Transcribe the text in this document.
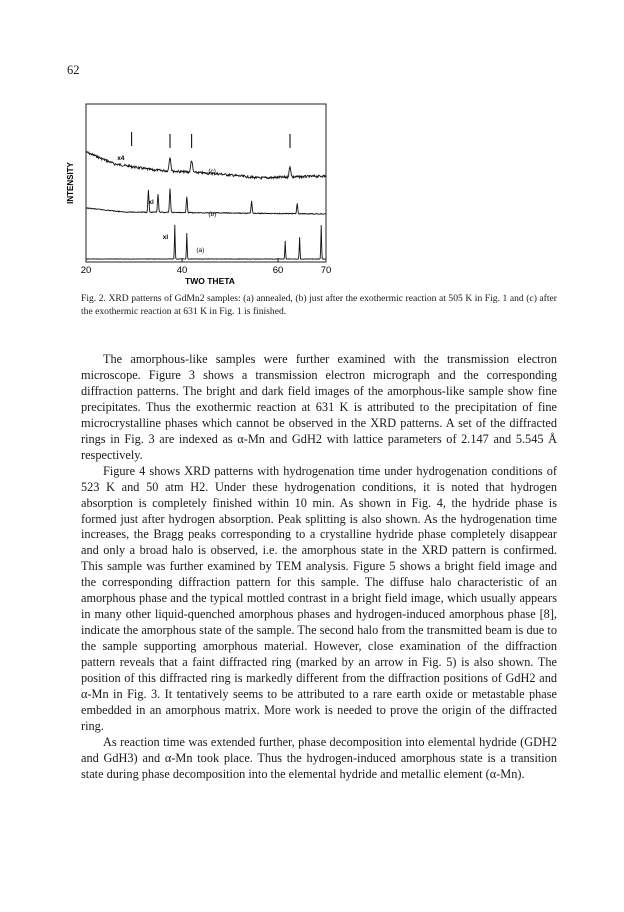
62
INTENSITY
TWO THETA
20	40	60	70
(c)
x4
(b)
xl
(a)
xl
Fig. 2. XRD patterns of GdMn2 samples: (a) annealed, (b) just after the exothermic reaction at 505 K in Fig. 1 and (c) after the exothermic reaction at 631 K in Fig. 1 is finished.

The amorphous-like samples were further examined with the transmission electron microscope. Figure 3 shows a transmission electron micrograph and the corresponding diffraction patterns. The bright and dark field images of the amorphous-like sample show fine precipitates. Thus the exothermic reaction at 631 K is attributed to the precipitation of fine microcrystalline phases which cannot be observed in the XRD patterns. A set of the diffracted rings in Fig. 3 are indexed as α-Mn and GdH2 with lattice parameters of 2.147 and 5.545 Å respectively.

Figure 4 shows XRD patterns with hydrogenation time under hydrogenation conditions of 523 K and 50 atm H2. Under these hydrogenation conditions, it is noted that hydrogen absorption is completely finished within 10 min. As shown in Fig. 4, the hydride phase is formed just after hydrogen absorption. Peak splitting is also shown. As the hydrogenation time increases, the Bragg peaks corresponding to a crystalline hydride phase completely disappear and only a broad halo is observed, i.e. the amorphous state in the XRD pattern is confirmed. This sample was further examined by TEM analysis. Figure 5 shows a bright field image and the corresponding diffraction pattern for this sample. The diffuse halo characteristic of an amorphous phase and the typical mottled contrast in a bright field image, which usually appears in many other liquid-quenched amorphous phases and hydrogen-induced amorphous phase [8], indicate the amorphous state of the sample. The second halo from the transmitted beam is due to the sample supporting amorphous material. However, close examination of the diffraction pattern reveals that a faint diffracted ring (marked by an arrow in Fig. 5) is also shown. The position of this diffracted ring is markedly different from the diffraction positions of GdH2 and α-Mn in Fig. 3. It tentatively seems to be attributed to a rare earth oxide or metastable phase embedded in an amorphous matrix. More work is needed to prove the origin of the diffracted ring.

As reaction time was extended further, phase decomposition into elemental hydride (GDH2 and GdH3) and α-Mn took place. Thus the hydrogen-induced amorphous state is a transition state during phase decomposition into the elemental hydride and metallic element (α-Mn).
